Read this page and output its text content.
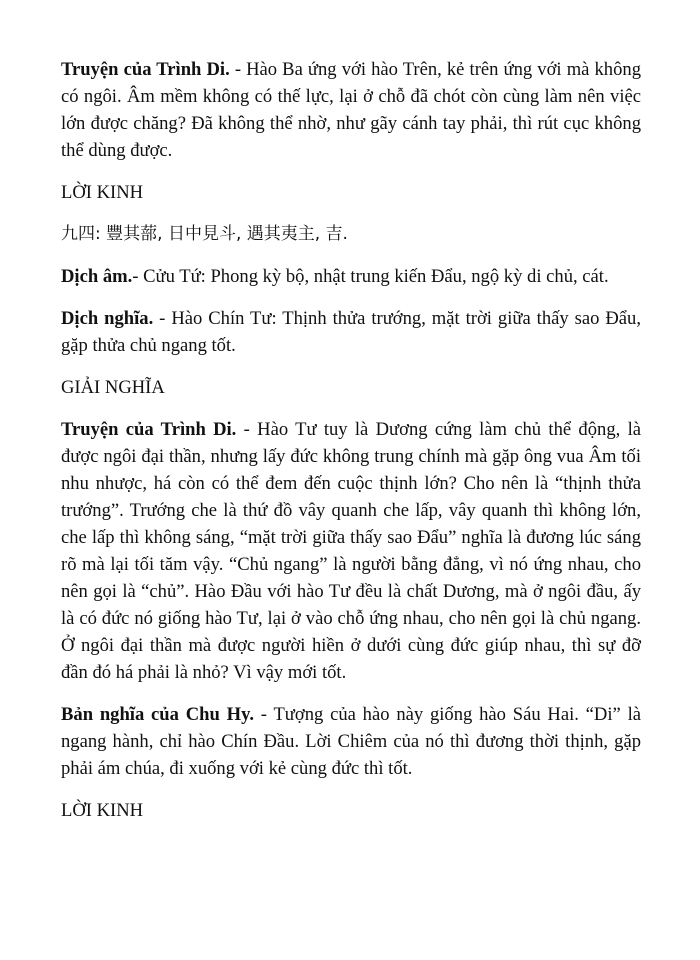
Truyện của Trình Di. - Hào Ba ứng với hào Trên, kẻ trên ứng với mà không có ngôi. Âm mềm không có thế lực, lại ở chỗ đã chót còn cùng làm nên việc lớn được chăng? Đã không thể nhờ, như gãy cánh tay phải, thì rút cục không thể dùng được.

LỜI KINH

九四: 豐其蔀, 日中見斗, 遇其夷主, 吉.

Dịch âm.- Cửu Tứ: Phong kỳ bộ, nhật trung kiến Đẩu, ngộ kỳ di chủ, cát.

Dịch nghĩa. - Hào Chín Tư: Thịnh thửa trướng, mặt trời giữa thấy sao Đẩu, gặp thửa chủ ngang tốt.

GIẢI NGHĨA

Truyện của Trình Di. - Hào Tư tuy là Dương cứng làm chủ thể động, là được ngôi đại thần, nhưng lấy đức không trung chính mà gặp ông vua Âm tối nhu nhược, há còn có thể đem đến cuộc thịnh lớn? Cho nên là “thịnh thửa trướng”. Trướng che là thứ đồ vây quanh che lấp, vây quanh thì không lớn, che lấp thì không sáng, “mặt trời giữa thấy sao Đẩu” nghĩa là đương lúc sáng rõ mà lại tối tăm vậy. “Chủ ngang” là người bằng đẳng, vì nó ứng nhau, cho nên gọi là “chủ”. Hào Đầu với hào Tư đều là chất Dương, mà ở ngôi đầu, ấy là có đức nó giống hào Tư, lại ở vào chỗ ứng nhau, cho nên gọi là chủ ngang. Ở ngôi đại thần mà được người hiền ở dưới cùng đức giúp nhau, thì sự đỡ đần đó há phải là nhỏ? Vì vậy mới tốt.

Bản nghĩa của Chu Hy. - Tượng của hào này giống hào Sáu Hai. “Di” là ngang hành, chỉ hào Chín Đầu. Lời Chiêm của nó thì đương thời thịnh, gặp phải ám chúa, đi xuống với kẻ cùng đức thì tốt.

LỜI KINH
